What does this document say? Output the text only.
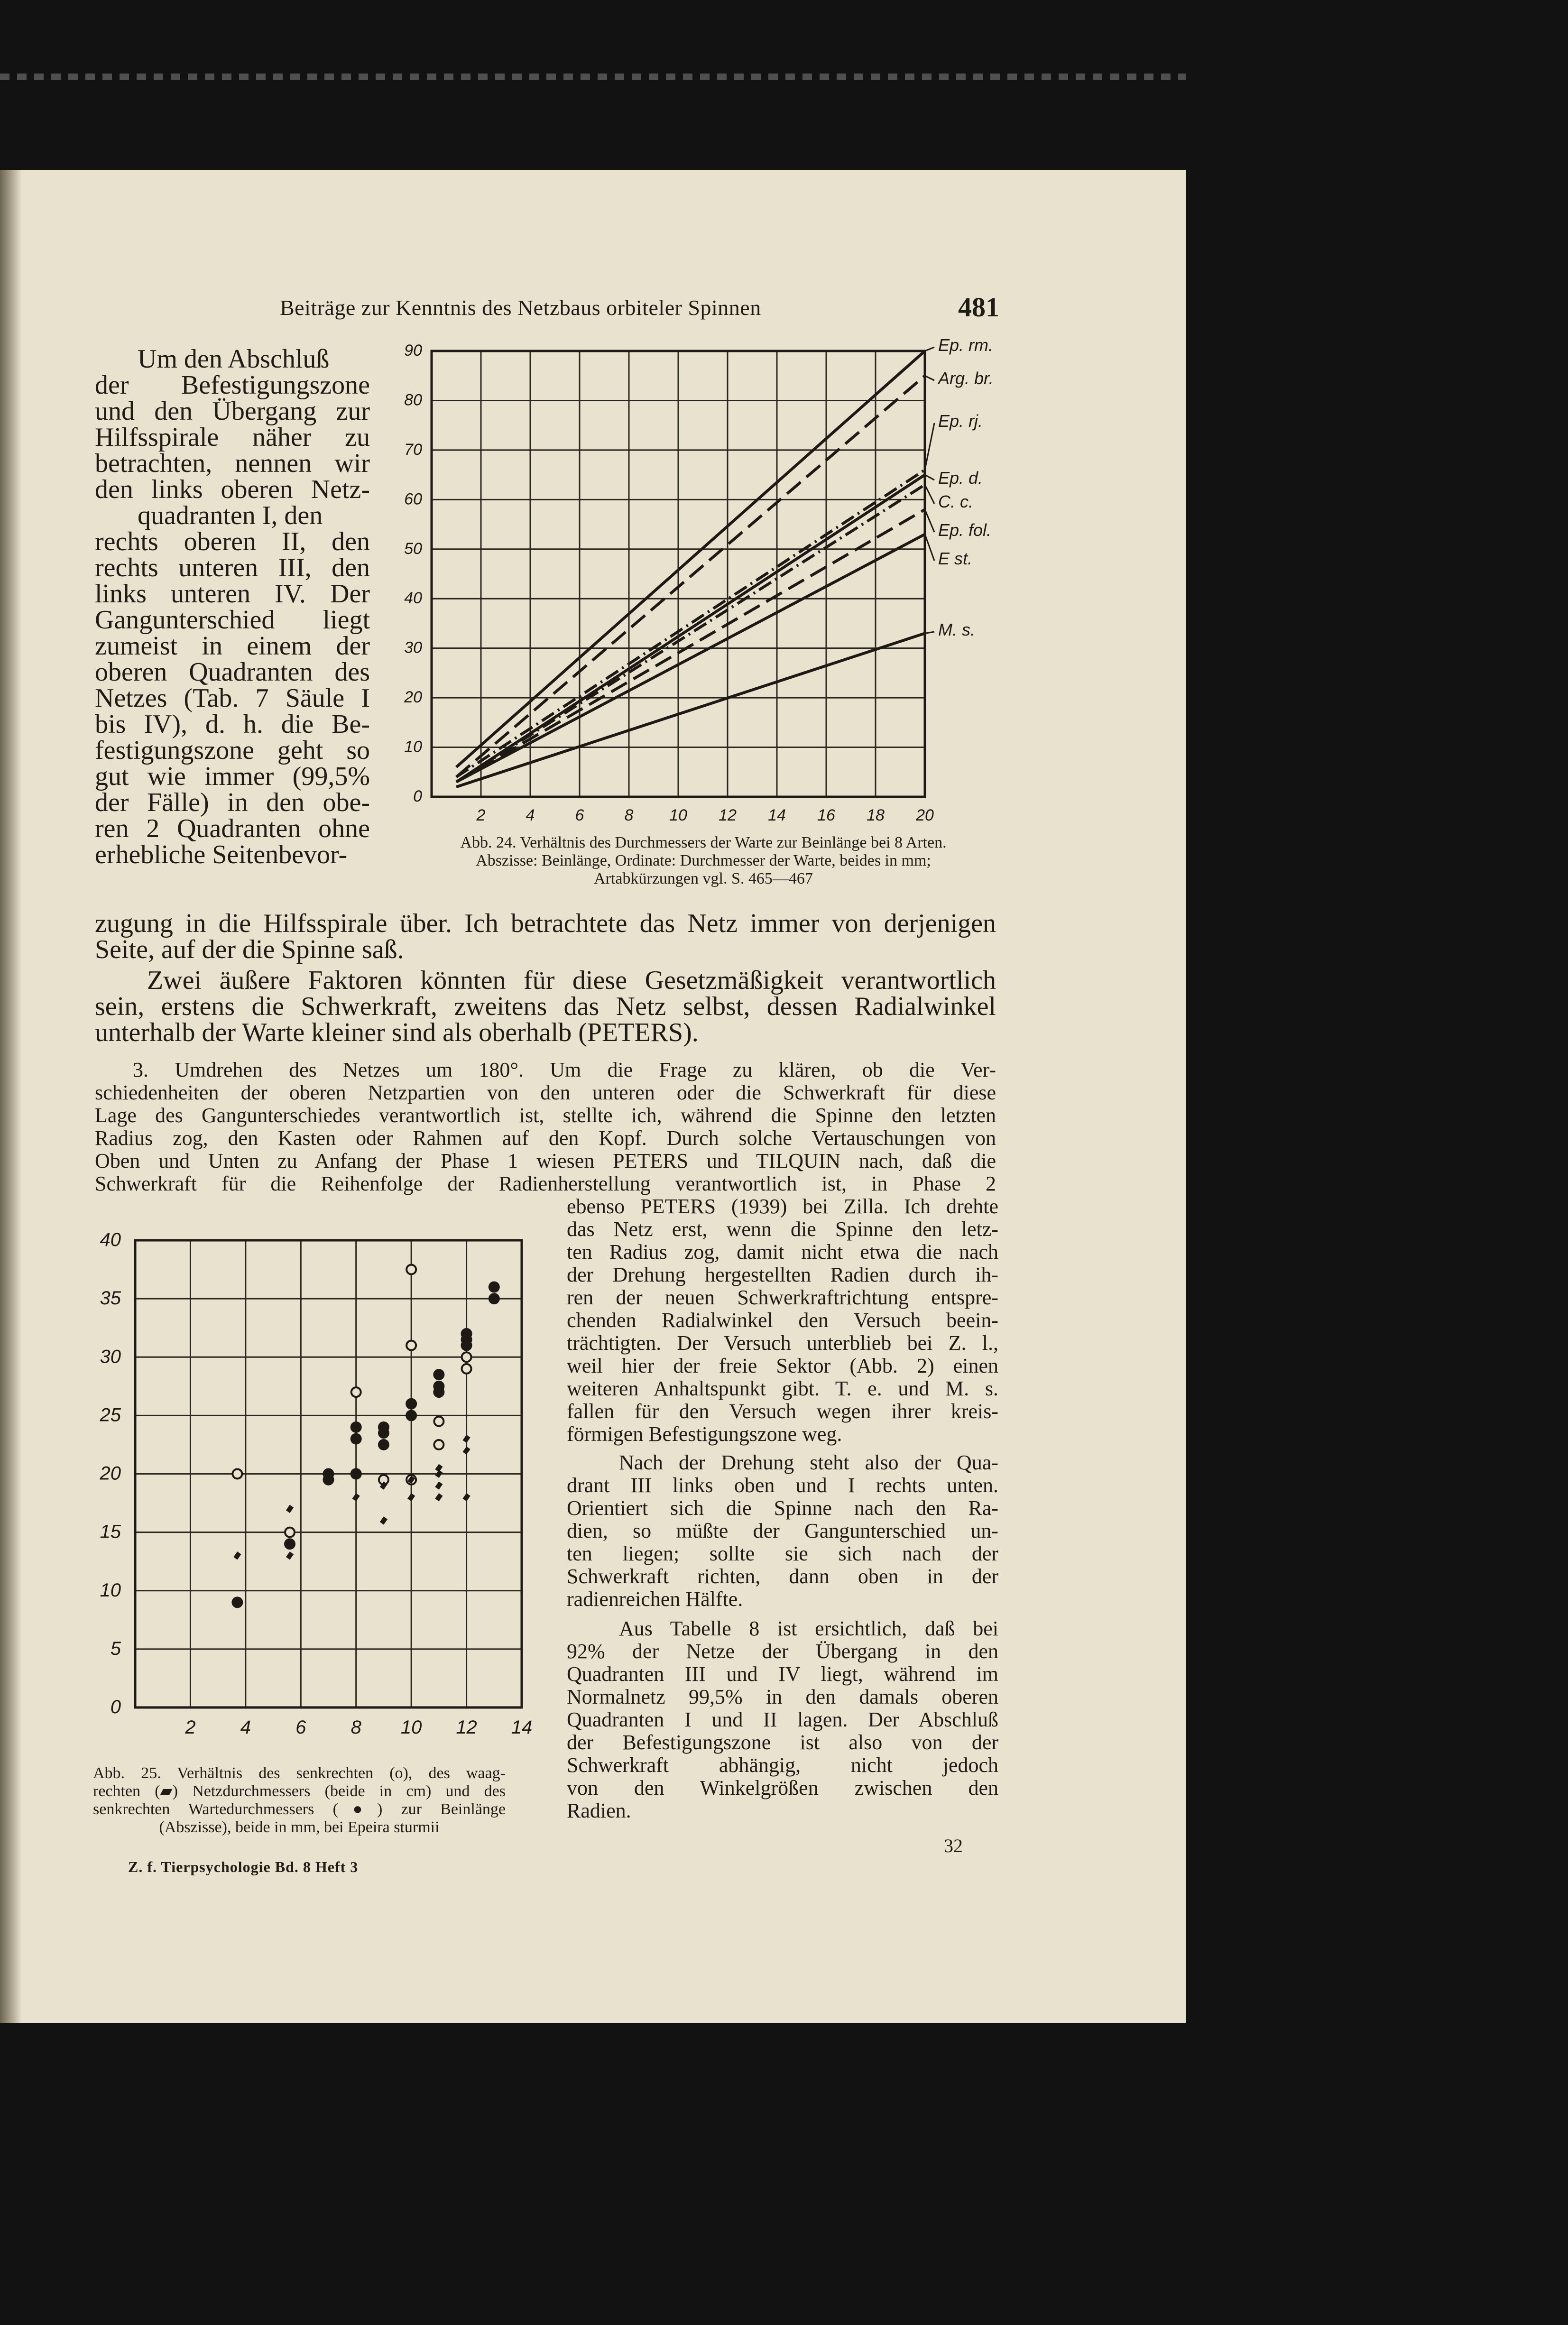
Beiträge zur Kenntnis des Netzbaus orbiteler Spinnen	481
Um den Abschluß
der Befestigungszone
und den Übergang zur
Hilfsspirale näher zu
betrachten, nennen wir
den links oberen Netz-
quadranten I, den
rechts oberen II, den
rechts unteren III, den
links unteren IV. Der
Gangunterschied liegt
zumeist in einem der
oberen Quadranten des
Netzes (Tab. 7 Säule I
bis IV), d. h. die Be-
festigungszone geht so
gut wie immer (99,5%
der Fälle) in den obe-
ren 2 Quadranten ohne
erhebliche Seitenbevor-
2	4	6	8 10 12 14 16 18 20
0
10
20
30
40
50
60
70
80
90	Ep. rm.
Arg. br.
Ep. rj.
Ep. d.
C. c.
Ep. fol.
E st.
M. s.
Abb. 24. Verhältnis des Durchmessers der Warte zur Beinlänge bei 8 Arten.
Abszisse: Beinlänge, Ordinate: Durchmesser der Warte, beides in mm;
Artabkürzungen vgl. S. 465—467
zugung in die Hilfsspirale über. Ich betrachtete das Netz immer von derjenigen
Seite, auf der die Spinne saß.
Zwei äußere Faktoren könnten für diese Gesetzmäßigkeit verantwortlich
sein, erstens die Schwerkraft, zweitens das Netz selbst, dessen Radialwinkel
unterhalb der Warte kleiner sind als oberhalb (PETERS).
3. Umdrehen des Netzes um 180°. Um die Frage zu klären, ob die Ver-
schiedenheiten der oberen Netzpartien von den unteren oder die Schwerkraft für diese
Lage des Gangunterschiedes verantwortlich ist, stellte ich, während die Spinne den letzten
Radius zog, den Kasten oder Rahmen auf den Kopf. Durch solche Vertauschungen von
Oben und Unten zu Anfang der Phase 1 wiesen PETERS und TILQUIN nach, daß die
Schwerkraft für die Reihenfolge der Radienherstellung verantwortlich ist, in Phase 2
2 4 6 8 10 12 14
0
5
10
15
20
25
30
35
40
Abb. 25. Verhältnis des senkrechten (o), des waag-
rechten (▰) Netzdurchmessers (beide in cm) und des
senkrechten Wartedurchmessers (●) zur Beinlänge
(Abszisse), beide in mm, bei Epeira sturmii
Z. f. Tierpsychologie Bd. 8 Heft 3
ebenso PETERS (1939) bei Zilla. Ich drehte
das Netz erst, wenn die Spinne den letz-
ten Radius zog, damit nicht etwa die nach
der Drehung hergestellten Radien durch ih-
ren der neuen Schwerkraftrichtung entspre-
chenden Radialwinkel den Versuch beein-
trächtigten. Der Versuch unterblieb bei Z. l.,
weil hier der freie Sektor (Abb. 2) einen
weiteren Anhaltspunkt gibt. T. e. und M. s.
fallen für den Versuch wegen ihrer kreis-
förmigen Befestigungszone weg.
Nach der Drehung steht also der Qua-
drant III links oben und I rechts unten.
Orientiert sich die Spinne nach den Ra-
dien, so müßte der Gangunterschied un-
ten liegen; sollte sie sich nach der
Schwerkraft richten, dann oben in der
radienreichen Hälfte.
Aus Tabelle 8 ist ersichtlich, daß bei
92% der Netze der Übergang in den
Quadranten III und IV liegt, während im
Normalnetz 99,5% in den damals oberen
Quadranten I und II lagen. Der Abschluß
der Befestigungszone ist also von der
Schwerkraft abhängig, nicht jedoch
von den Winkelgrößen zwischen den
Radien.
32
